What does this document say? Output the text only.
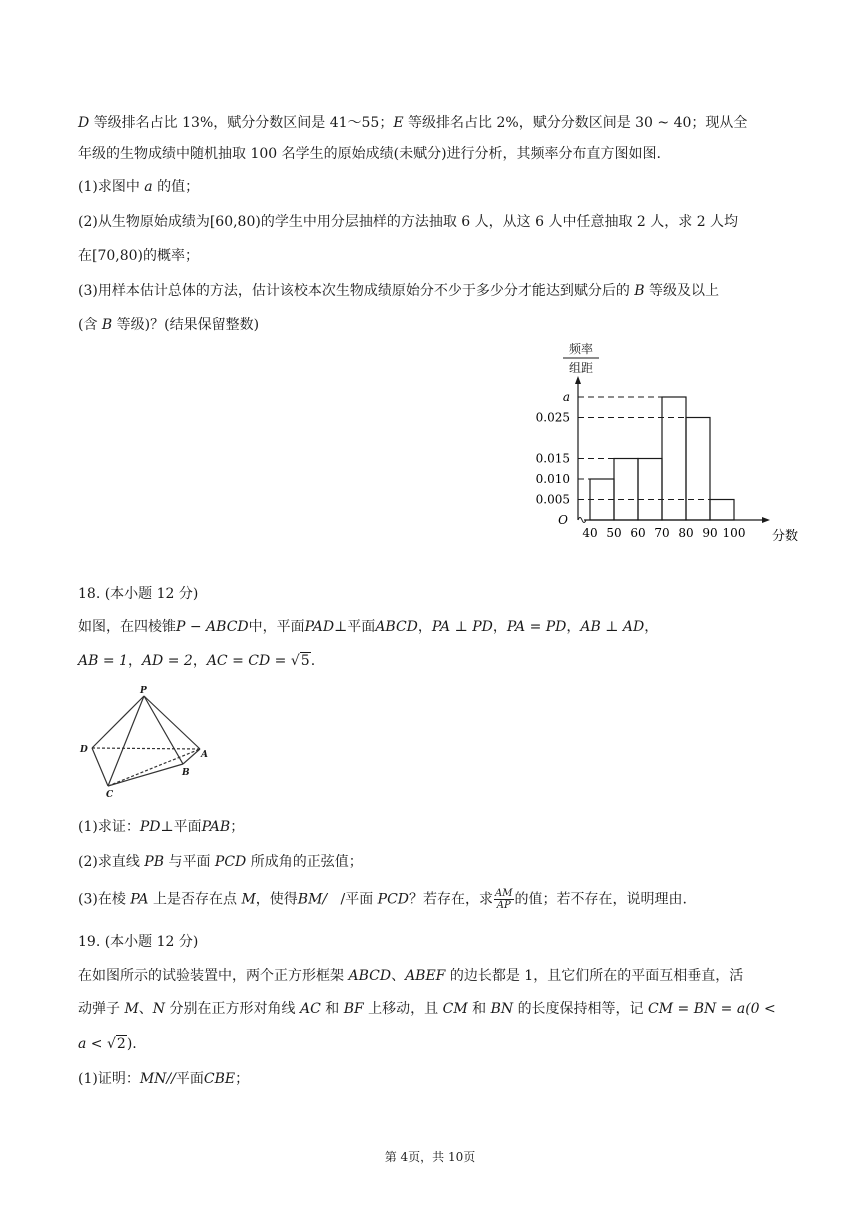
D 等级排名占比 13%，赋分分数区间是 41～55；E 等级排名占比 2%，赋分分数区间是 30 ~ 40；现从全
年级的生物成绩中随机抽取 100 名学生的原始成绩(未赋分)进行分析，其频率分布直方图如图.
(1)求图中 a 的值；
(2)从生物原始成绩为[60,80)的学生中用分层抽样的方法抽取 6 人，从这 6 人中任意抽取 2 人，求 2 人均
在[70,80)的概率；
(3)用样本估计总体的方法，估计该校本次生物成绩原始分不少于多少分才能达到赋分后的 B 等级及以上
(含 B 等级)？(结果保留整数)
频率
组距
O
a
0.025
0.015
0.010
0.005
40 50 60 70 80 90 100 分数
18. (本小题 12 分)
如图，在四棱锥P − ABCD中，平面PAD⊥平面ABCD，PA ⊥ PD，PA = PD，AB ⊥ AD，
AB = 1，AD = 2，AC = CD = √5.
P
D	A
B
C
(1)求证：PD⊥平面PAB；
(2)求直线 PB 与平面 PCD 所成角的正弦值；
(3)在棱 PA 上是否存在点 M，使得BM/ /平面 PCD？若存在，求 $\frac{AM}{AP}$ 的值；若不存在，说明理由.
19. (本小题 12 分)
在如图所示的试验装置中，两个正方形框架 ABCD、ABEF 的边长都是 1，且它们所在的平面互相垂直，活
动弹子 M、N 分别在正方形对角线 AC 和 BF 上移动，且 CM 和 BN 的长度保持相等，记 CM = BN = a(0 <
a < √2).
(1)证明：MN//平面CBE；
第 4页，共 10页
